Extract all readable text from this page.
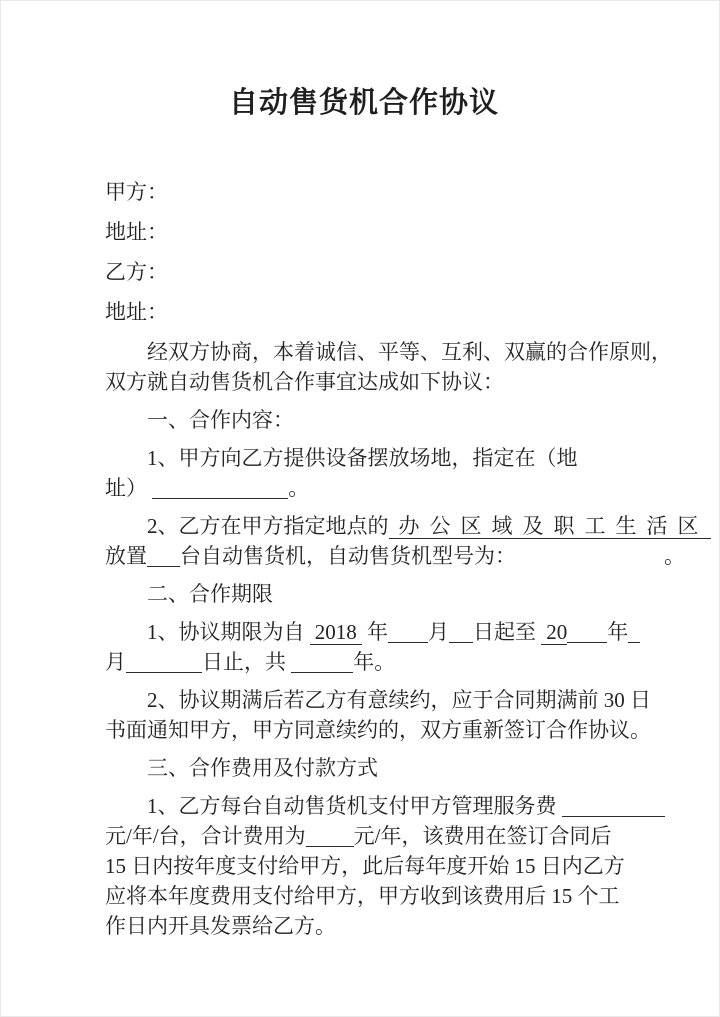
自动售货机合作协议
甲方：
地址：
乙方：
地址：
经双方协商，本着诚信、平等、互利、双赢的合作原则，
双方就自动售货机合作事宜达成如下协议：
一、合作内容：
1、甲方向乙方提供设备摆放场地，指定在（地
址）	。
2、乙方在甲方指定地点的 办公区域及职工生活区
放置 台自动售货机，自动售货机型号为：	。
二、合作期限
1、协议期限为自 2018 年 月 日起至 20 年
月	日止，共	年。
2、协议期满后若乙方有意续约，应于合同期满前 30 日
书面通知甲方，甲方同意续约的，双方重新签订合作协议。
三、合作费用及付款方式
1、乙方每台自动售货机支付甲方管理服务费
元/年/台，合计费用为 元/年，该费用在签订合同后
15 日内按年度支付给甲方，此后每年度开始 15 日内乙方
应将本年度费用支付给甲方，甲方收到该费用后 15 个工
作日内开具发票给乙方。
